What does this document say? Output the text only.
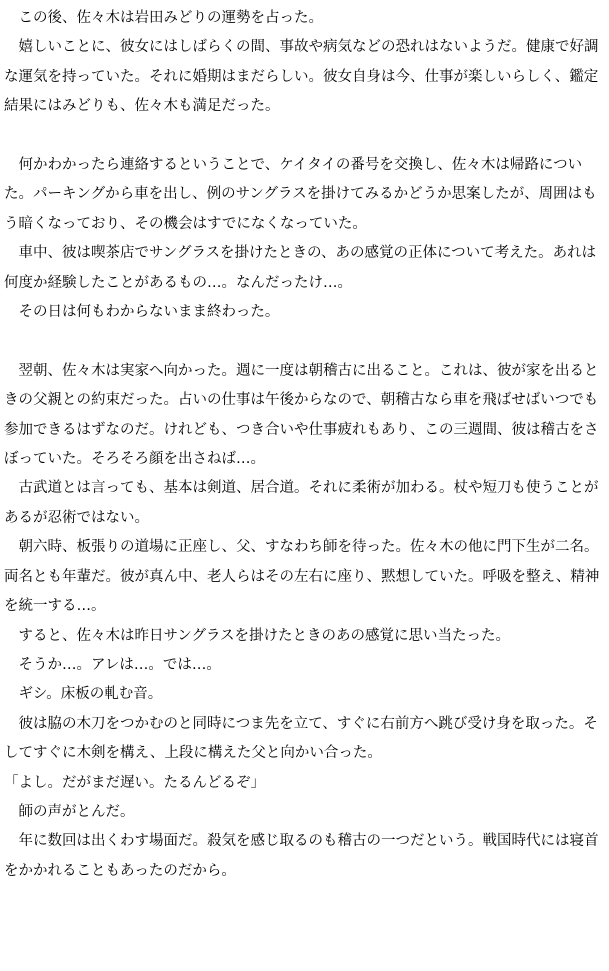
この後、佐々木は岩田みどりの運勢を占った。

嬉しいことに、彼女にはしばらくの間、事故や病気などの恐れはないようだ。健康で好調な運気を持っていた。それに婚期はまだらしい。彼女自身は今、仕事が楽しいらしく、鑑定結果にはみどりも、佐々木も満足だった。

何かわかったら連絡するということで、ケイタイの番号を交換し、佐々木は帰路についた。パーキングから車を出し、例のサングラスを掛けてみるかどうか思案したが、周囲はもう暗くなっており、その機会はすでになくなっていた。

車中、彼は喫茶店でサングラスを掛けたときの、あの感覚の正体について考えた。あれは何度か経験したことがあるもの…。なんだったけ…。

その日は何もわからないまま終わった。

翌朝、佐々木は実家へ向かった。週に一度は朝稽古に出ること。これは、彼が家を出るときの父親との約束だった。占いの仕事は午後からなので、朝稽古なら車を飛ばせばいつでも参加できるはずなのだ。けれども、つき合いや仕事疲れもあり、この三週間、彼は稽古をさぼっていた。そろそろ顔を出さねば…。

古武道とは言っても、基本は剣道、居合道。それに柔術が加わる。杖や短刀も使うことがあるが忍術ではない。

朝六時、板張りの道場に正座し、父、すなわち師を待った。佐々木の他に門下生が二名。両名とも年輩だ。彼が真ん中、老人らはその左右に座り、黙想していた。呼吸を整え、精神を統一する…。

すると、佐々木は昨日サングラスを掛けたときのあの感覚に思い当たった。

そうか…。アレは…。では…。

ギシ。床板の軋む音。

彼は脇の木刀をつかむのと同時につま先を立て、すぐに右前方へ跳び受け身を取った。そしてすぐに木剣を構え、上段に構えた父と向かい合った。

「よし。だがまだ遅い。たるんどるぞ」

師の声がとんだ。

年に数回は出くわす場面だ。殺気を感じ取るのも稽古の一つだという。戦国時代には寝首をかかれることもあったのだから。
